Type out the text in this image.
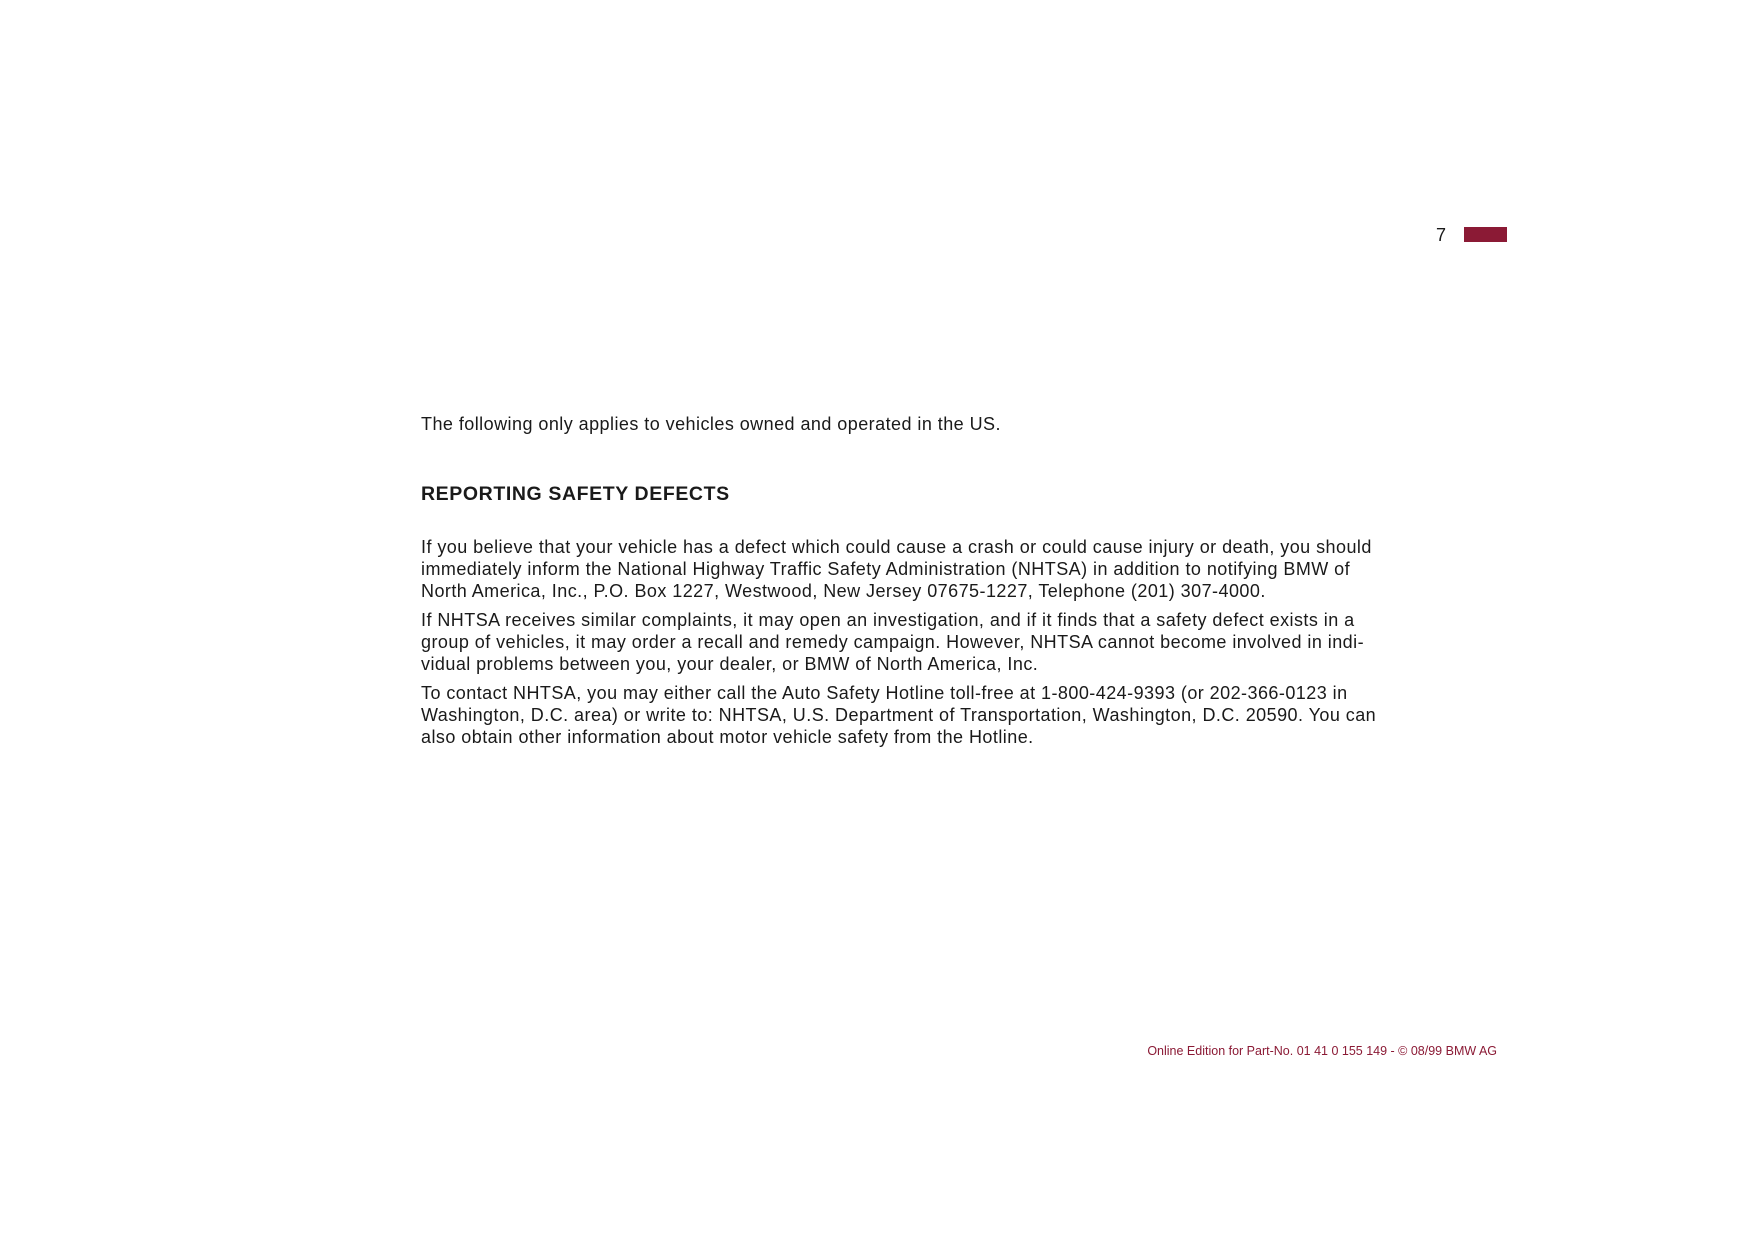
7

The following only applies to vehicles owned and operated in the US.

REPORTING SAFETY DEFECTS

If you believe that your vehicle has a defect which could cause a crash or could cause injury or death, you should
immediately inform the National Highway Traffic Safety Administration (NHTSA) in addition to notifying BMW of
North America, Inc., P.O. Box 1227, Westwood, New Jersey 07675-1227, Telephone (201) 307-4000.

If NHTSA receives similar complaints, it may open an investigation, and if it finds that a safety defect exists in a
group of vehicles, it may order a recall and remedy campaign. However, NHTSA cannot become involved in indi-
vidual problems between you, your dealer, or BMW of North America, Inc.

To contact NHTSA, you may either call the Auto Safety Hotline toll-free at 1-800-424-9393 (or 202-366-0123 in
Washington, D.C. area) or write to: NHTSA, U.S. Department of Transportation, Washington, D.C. 20590. You can
also obtain other information about motor vehicle safety from the Hotline.

Online Edition for Part-No. 01 41 0 155 149 - © 08/99 BMW AG
